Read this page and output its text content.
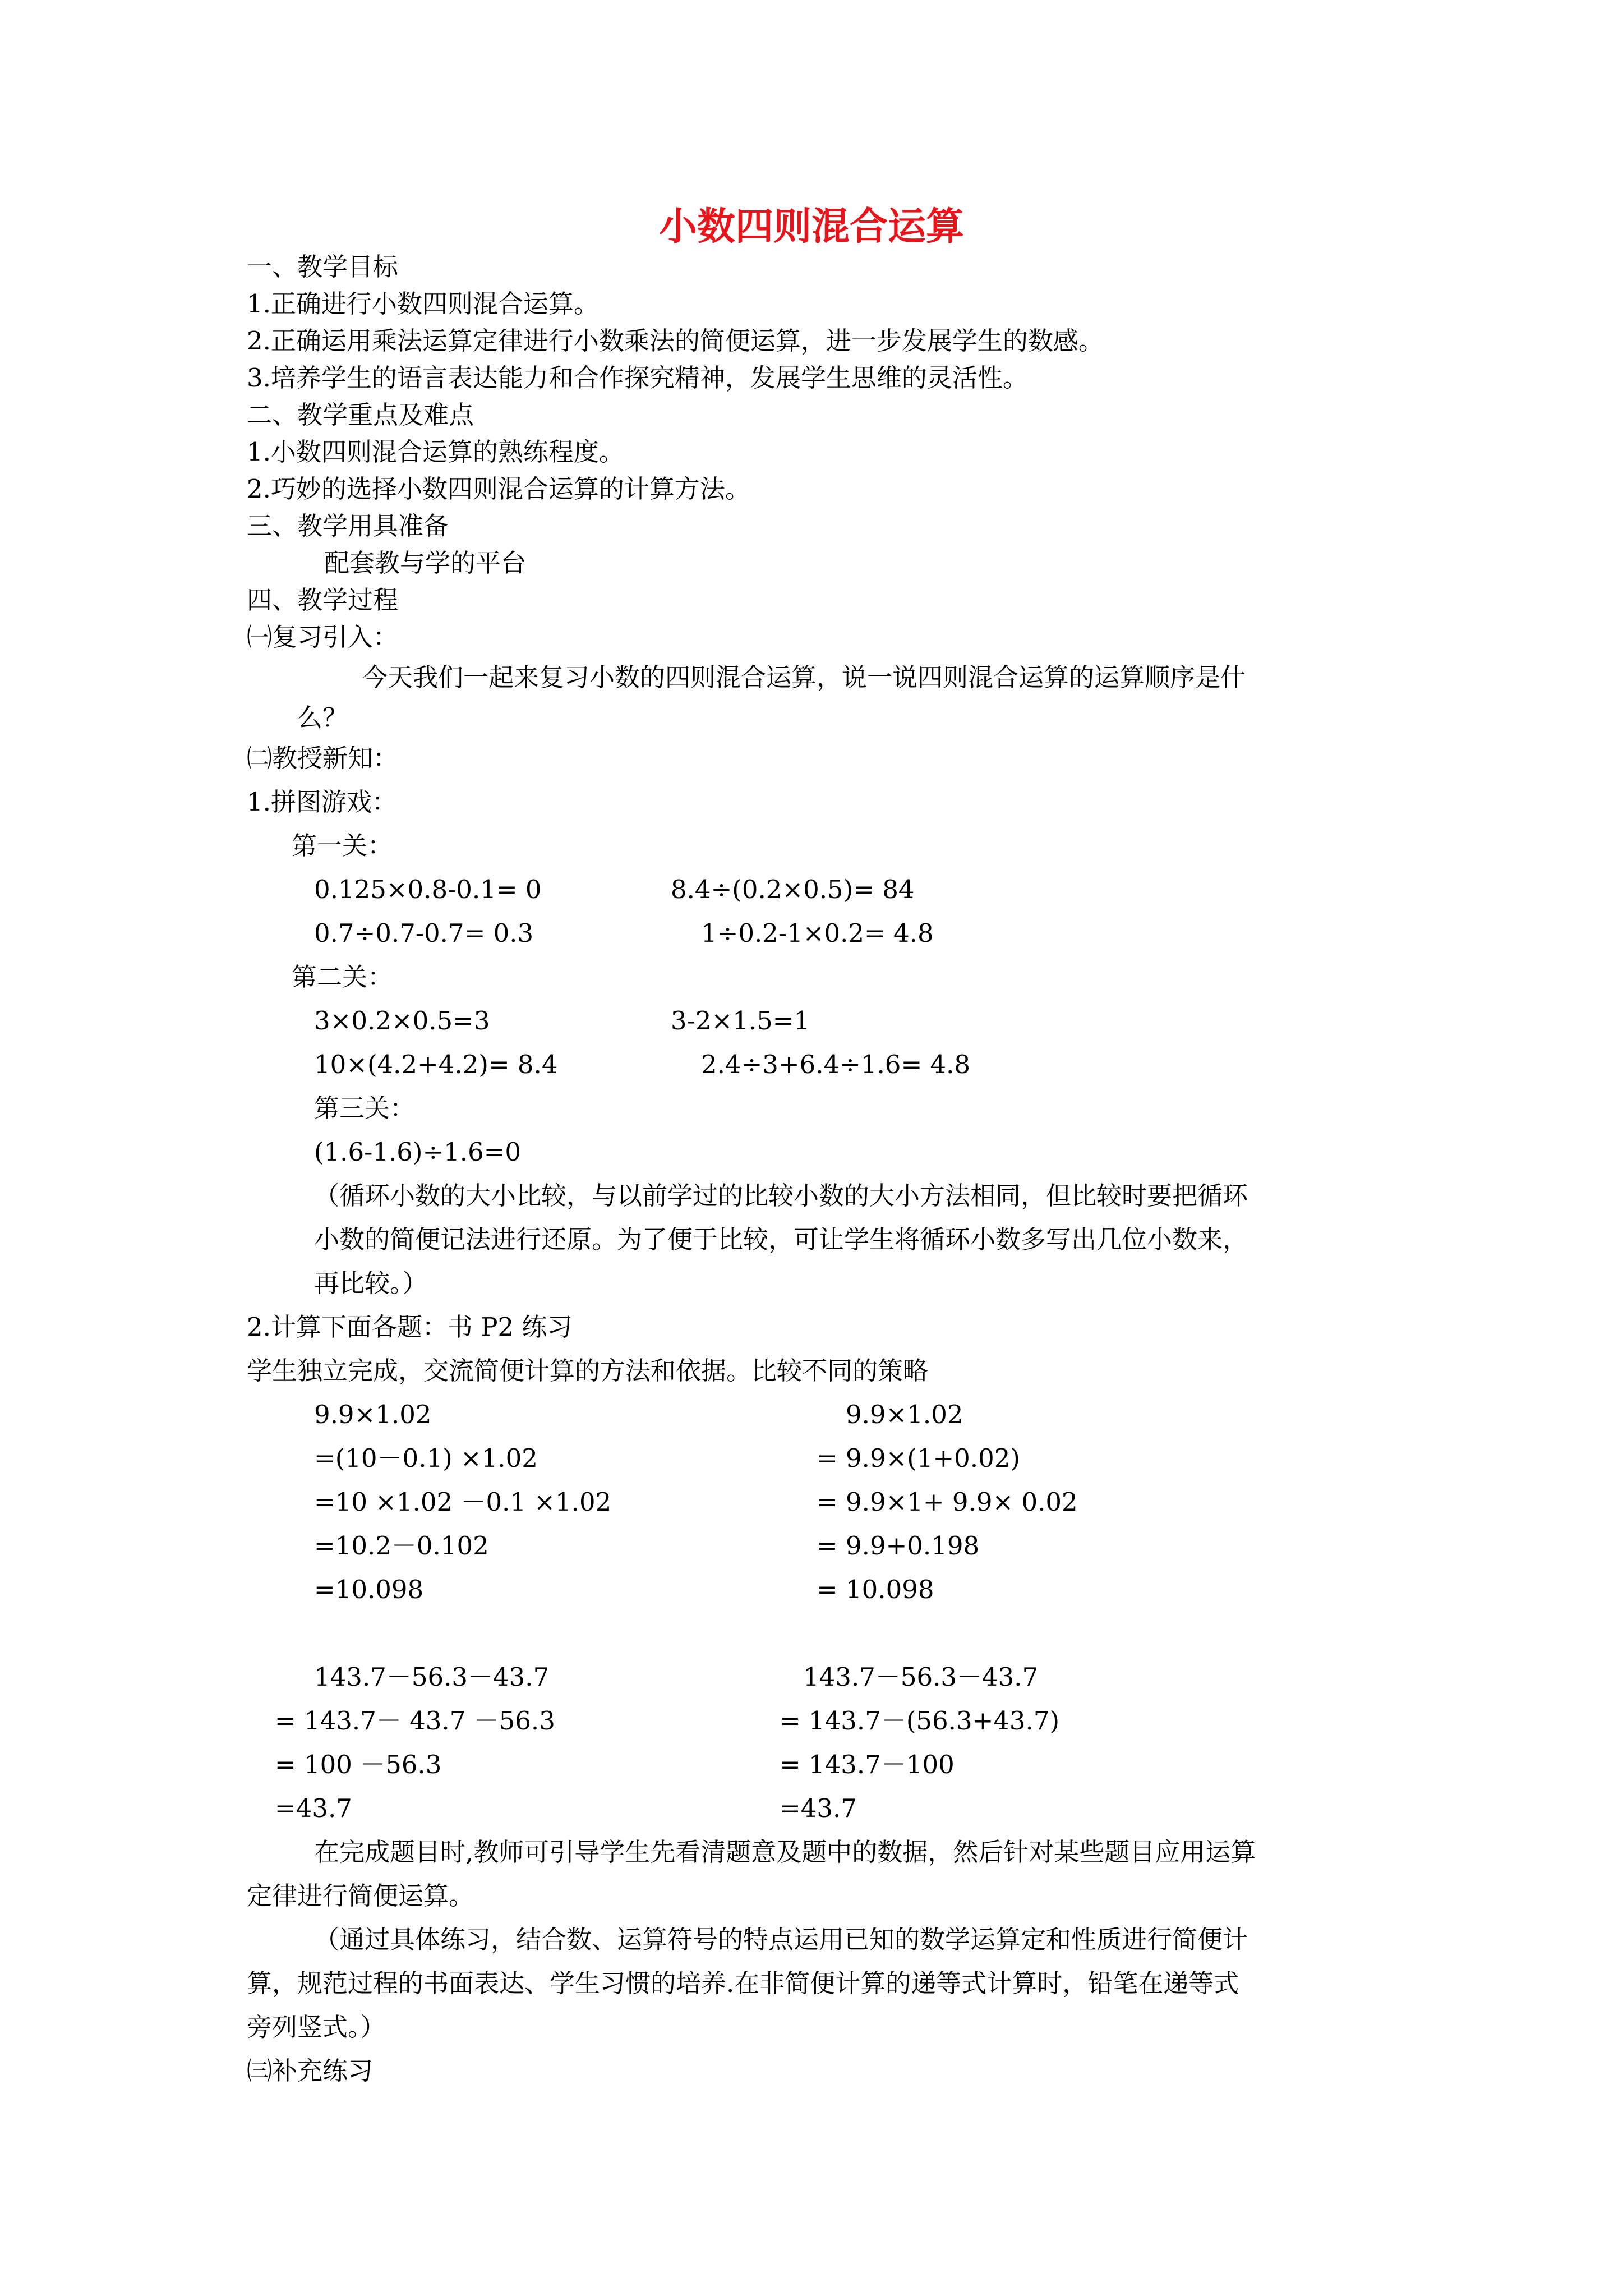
小数四则混合运算
一、教学目标
1.正确进行小数四则混合运算。
2.正确运用乘法运算定律进行小数乘法的简便运算，进一步发展学生的数感。
3.培养学生的语言表达能力和合作探究精神，发展学生思维的灵活性。
二、教学重点及难点
1.小数四则混合运算的熟练程度。
2.巧妙的选择小数四则混合运算的计算方法。
三、教学用具准备
配套教与学的平台
四、教学过程
㈠复习引入：
今天我们一起来复习小数的四则混合运算，说一说四则混合运算的运算顺序是什
么？
㈡教授新知：
1.拼图游戏：
第一关：
0.125×0.8-0.1= 0	8.4÷(0.2×0.5)= 84
0.7÷0.7-0.7= 0.3	1÷0.2-1×0.2= 4.8
第二关：
3×0.2×0.5=3	3-2×1.5=1
10×(4.2+4.2)= 8.4	2.4÷3+6.4÷1.6= 4.8
第三关：
(1.6-1.6)÷1.6=0
（循环小数的大小比较，与以前学过的比较小数的大小方法相同，但比较时要把循环
小数的简便记法进行还原。为了便于比较，可让学生将循环小数多写出几位小数来，
再比较。）
2.计算下面各题：书 P2 练习
学生独立完成，交流简便计算的方法和依据。比较不同的策略
9.9×1.02
=(10－0.1) ×1.02
=10 ×1.02 －0.1 ×1.02
=10.2－0.102
=10.098
9.9×1.02
= 9.9×(1+0.02)
= 9.9×1+ 9.9× 0.02
= 9.9+0.198
= 10.098
143.7－56.3－43.7
= 143.7－ 43.7 －56.3
= 100 －56.3
=43.7
143.7－56.3－43.7
= 143.7－(56.3+43.7)
= 143.7－100
=43.7
在完成题目时,教师可引导学生先看清题意及题中的数据，然后针对某些题目应用运算
定律进行简便运算。
（通过具体练习，结合数、运算符号的特点运用已知的数学运算定和性质进行简便计
算，规范过程的书面表达、学生习惯的培养.在非简便计算的递等式计算时，铅笔在递等式
旁列竖式。）
㈢补充练习
